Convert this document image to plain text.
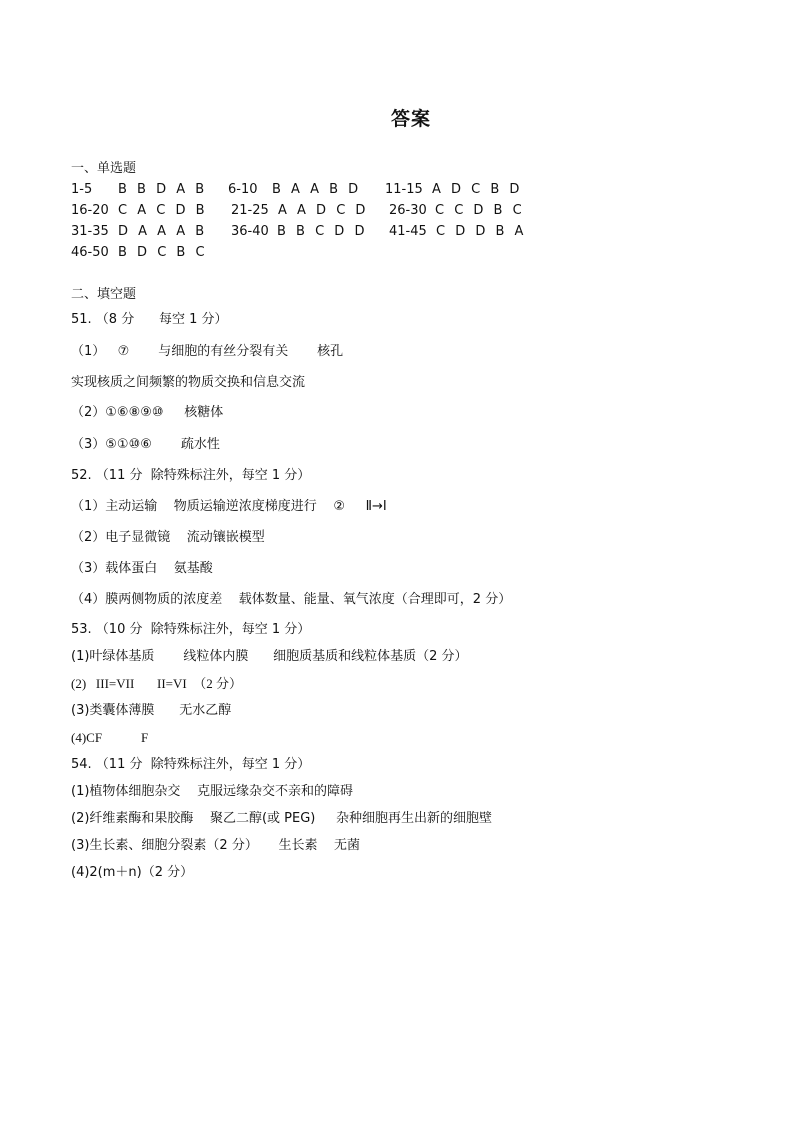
答案
一、单选题
1-5 B B D A B 6-10 B A A B D 11-15 A D C B D
16-20 C A C D B 21-25 A A D C D 26-30 C C D B C
31-35 D A A A B 36-40 B B C D D 41-45 C D D B A
46-50 B D C B C
二、填空题
51. （8 分      每空 1 分）
（1）   ⑦       与细胞的有丝分裂有关       核孔
实现核质之间频繁的物质交换和信息交流
（2）①⑥⑧⑨⑩     核糖体
（3）⑤①⑩⑥       疏水性
52. （11 分  除特殊标注外，每空 1 分）
（1）主动运输    物质运输逆浓度梯度进行    ②     Ⅱ→Ⅰ
（2）电子显微镜    流动镶嵌模型
（3）载体蛋白    氨基酸
（4）膜两侧物质的浓度差    载体数量、能量、氧气浓度（合理即可，2 分）
53. （10 分  除特殊标注外，每空 1 分）
(1)叶绿体基质       线粒体内膜      细胞质基质和线粒体基质（2 分）
(2)   III=VII       II=VI  （2 分）
(3)类囊体薄膜      无水乙醇
(4)CF            F
54. （11 分  除特殊标注外，每空 1 分）
(1)植物体细胞杂交    克服远缘杂交不亲和的障碍
(2)纤维素酶和果胶酶    聚乙二醇(或 PEG)     杂种细胞再生出新的细胞壁
(3)生长素、细胞分裂素（2 分）     生长素    无菌
(4)2(m＋n)（2 分）
